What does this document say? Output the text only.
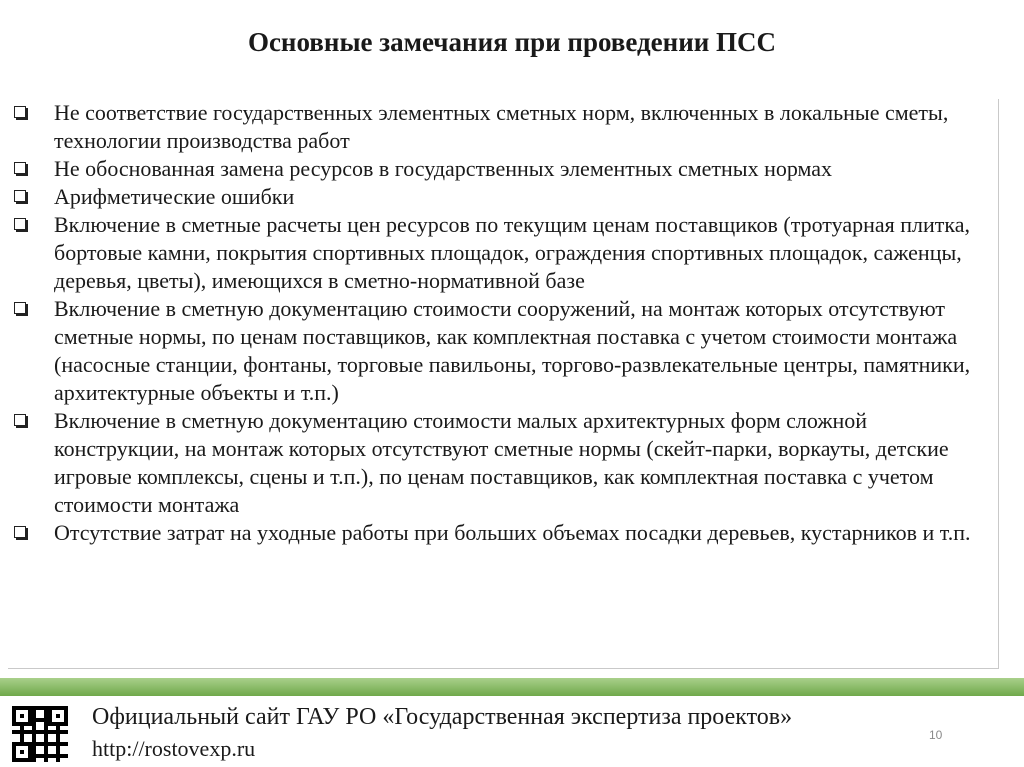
Основные замечания при проведении ПСС
Не соответствие государственных элементных сметных норм, включенных в локальные сметы, технологии производства работ
Не обоснованная замена ресурсов в государственных элементных сметных нормах
Арифметические ошибки
Включение в сметные расчеты цен ресурсов по текущим ценам поставщиков (тротуарная плитка, бортовые камни, покрытия спортивных площадок, ограждения спортивных площадок, саженцы, деревья, цветы), имеющихся в сметно-нормативной базе
Включение в сметную документацию стоимости сооружений, на монтаж которых отсутствуют сметные нормы, по ценам поставщиков, как комплектная поставка с учетом стоимости монтажа (насосные станции, фонтаны, торговые павильоны, торгово-развлекательные центры, памятники, архитектурные объекты и т.п.)
Включение в сметную документацию стоимости малых архитектурных форм сложной конструкции, на монтаж которых отсутствуют сметные нормы (скейт-парки, воркауты, детские игровые комплексы, сцены и т.п.), по ценам поставщиков, как комплектная поставка с учетом стоимости монтажа
Отсутствие затрат на уходные работы при больших объемах посадки деревьев, кустарников и т.п.
Официальный сайт ГАУ РО «Государственная экспертиза проектов»
http://rostovexp.ru
10
